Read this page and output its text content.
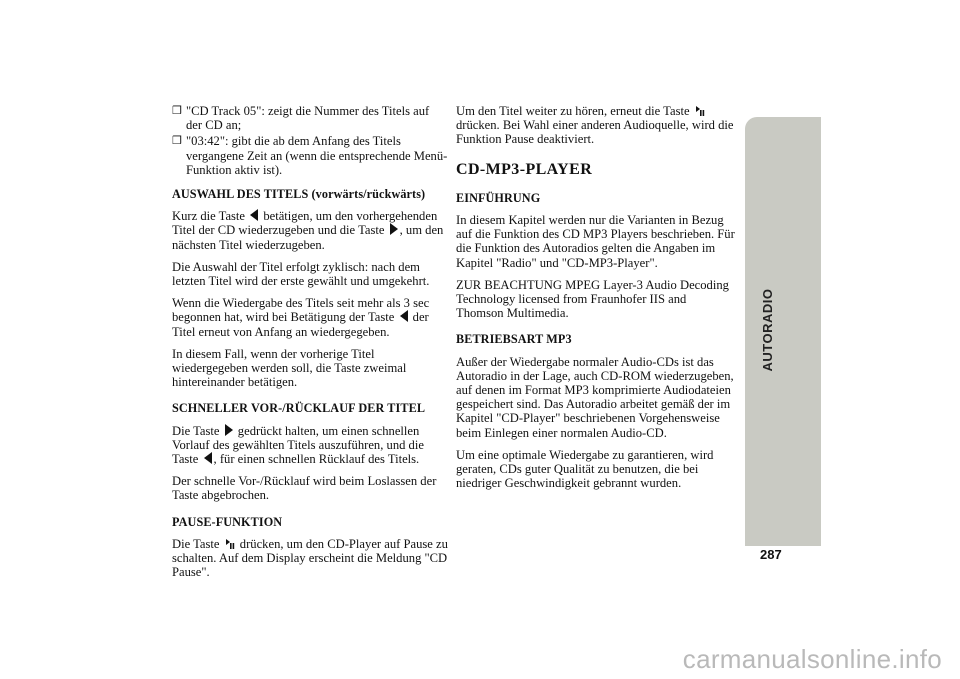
❒ "CD Track 05": zeigt die Nummer des Titels auf der CD an;
❒ "03:42": gibt die ab dem Anfang des Titels vergangene Zeit an (wenn die entsprechende Menü-Funktion aktiv ist).
AUSWAHL DES TITELS (vorwärts/rückwärts)

Kurz die Taste  betätigen, um den vorhergehenden Titel der CD wiederzugeben und die Taste , um den nächsten Titel wiederzugeben.

Die Auswahl der Titel erfolgt zyklisch: nach dem letzten Titel wird der erste gewählt und umgekehrt.

Wenn die Wiedergabe des Titels seit mehr als 3 sec begonnen hat, wird bei Betätigung der Taste  der Titel erneut von Anfang an wiedergegeben.

In diesem Fall, wenn der vorherige Titel wiedergegeben werden soll, die Taste zweimal hintereinander betätigen.

SCHNELLER VOR-/RÜCKLAUF DER TITEL

Die Taste  gedrückt halten, um einen schnellen Vorlauf des gewählten Titels auszuführen, und die Taste , für einen schnellen Rücklauf des Titels.

Der schnelle Vor-/Rücklauf wird beim Loslassen der Taste abgebrochen.

PAUSE-FUNKTION

Die Taste  drücken, um den CD-Player auf Pause zu schalten. Auf dem Display erscheint die Meldung "CD Pause".

Um den Titel weiter zu hören, erneut die Taste  drücken. Bei Wahl einer anderen Audioquelle, wird die Funktion Pause deaktiviert.

CD-MP3-PLAYER
EINFÜHRUNG

In diesem Kapitel werden nur die Varianten in Bezug auf die Funktion des CD MP3 Players beschrieben. Für die Funktion des Autoradios gelten die Angaben im Kapitel "Radio" und "CD-MP3-Player".

ZUR BEACHTUNG MPEG Layer-3 Audio Decoding Technology licensed from Fraunhofer IIS and Thomson Multimedia.

BETRIEBSART MP3

Außer der Wiedergabe normaler Audio-CDs ist das Autoradio in der Lage, auch CD-ROM wiederzugeben, auf denen im Format MP3 komprimierte Audiodateien gespeichert sind. Das Autoradio arbeitet gemäß der im Kapitel "CD-Player" beschriebenen Vorgehensweise beim Einlegen einer normalen Audio-CD.

Um eine optimale Wiedergabe zu garantieren, wird geraten, CDs guter Qualität zu benutzen, die bei niedriger Geschwindigkeit gebrannt wurden.

AUTORADIO
287
carmanualsonline.info
